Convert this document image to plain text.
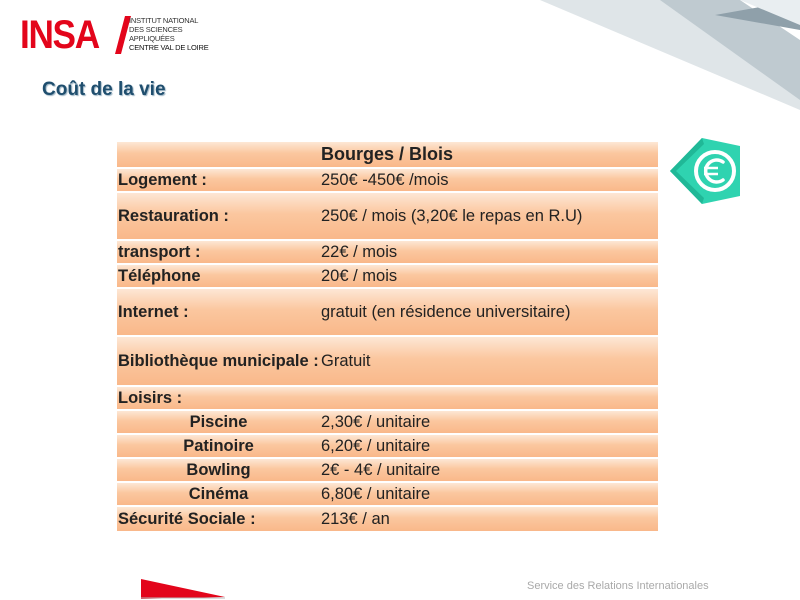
INSA	INSTITUT NATIONAL
DES SCIENCES
APPLIQUÉES
CENTRE VAL DE LOIRE
Coût de la vie
	Bourges / Blois
Logement :	250€ -450€ /mois
Restauration :	250€ / mois (3,20€ le repas en R.U)
transport :	22€ / mois
Téléphone	20€ / mois
Internet :	gratuit (en résidence universitaire)
Bibliothèque municipale :	Gratuit
Loisirs :	
Piscine	2,30€ / unitaire
Patinoire	6,20€ / unitaire
Bowling	2€ - 4€ / unitaire
Cinéma	6,80€ / unitaire
Sécurité Sociale :	213€ / an
Service des Relations Internationales
